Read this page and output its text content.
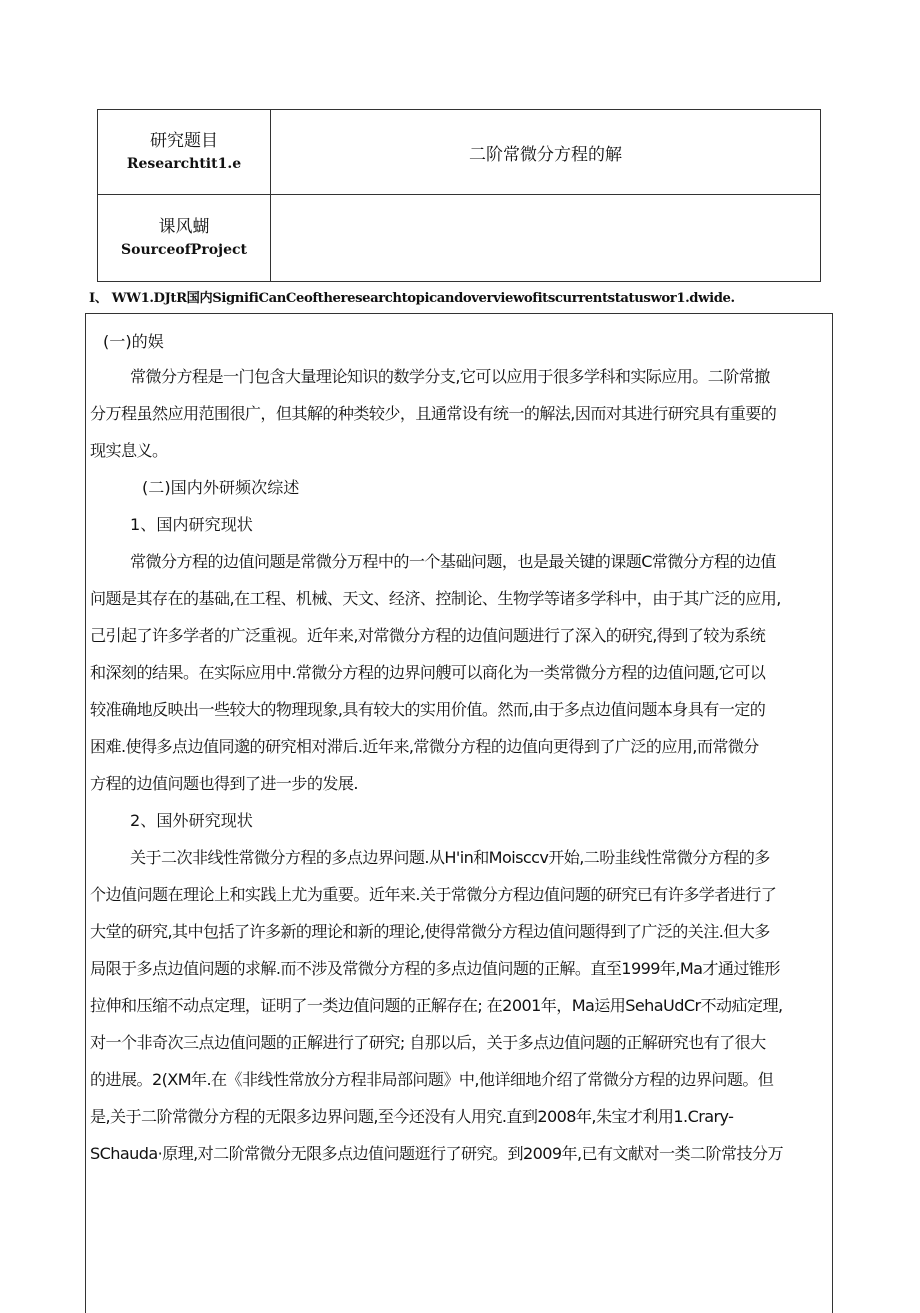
研究题目
Researchtit1.e	二阶常微分方程的解

课风蝴
SourceofProject	

I、 WW1.DJtR国内SignifiCanCeoftheresearchtopicandoverviewofitscurrentstatuswor1.dwide.
(一)的娱
常微分方程是一门包含大量理论知识的数学分支,它可以应用于很多学科和实际应用。二阶常撤
分万程虽然应用范围很广，但其解的种类较少，且通常设有统一的解法,因而对其进行研究具有重要的
现实息义。
(二)国内外研频次综述
1、国内研究现状
常微分方程的边值问题是常微分万程中的一个基础问题，也是最关键的课题C常微分方程的边值
问题是其存在的基础,在工程、机械、天文、经济、控制论、生物学等诸多学科中，由于其广泛的应用,
己引起了许多学者的广泛重视。近年来,对常微分方程的边值问题进行了深入的研究,得到了较为系统
和深刻的结果。在实际应用中.常微分方程的边界问艘可以商化为一类常微分方程的边值问题,它可以
较准确地反映出一些较大的物理现象,具有较大的实用价值。然而,由于多点边值问题本身具有一定的
困难.使得多点边值同邈的研究相对滞后.近年来,常微分方程的边值向更得到了广泛的应用,而常微分
方程的边值问题也得到了进一步的发展.
2、国外研究现状
关于二次非线性常微分方程的多点边界问题.从H'in和Moisccv开始,二吩韭线性常微分方程的多
个边值问题在理论上和实践上尤为重要。近年来.关于常微分方程边值问题的研究已有许多学者进行了
大堂的研究,其中包括了许多新的理论和新的理论,使得常微分方程边值问题得到了广泛的关注.但大多
局限于多点边值问题的求解.而不涉及常微分方程的多点边值问题的正解。直至1999年,Ma才通过锥形
拉伸和压缩不动点定理，证明了一类边值问题的正解存在; 在2001年，Ma运用SehaUdCr不动疝定理,
对一个非奇次三点边值问题的正解进行了研究; 自那以后，关于多点边值问题的正解研究也有了很大
的进展。2(XM年.在《非线性常放分方程非局部问题》中,他详细地介绍了常微分方程的边界问题。但
是,关于二阶常微分方程的无限多边界问题,至今还没有人用究.直到2008年,朱宝才利用1.Crary-
SChauda·原理,对二阶常微分无限多点边值问题逛行了研究。到2009年,已有文献对一类二阶常技分万
